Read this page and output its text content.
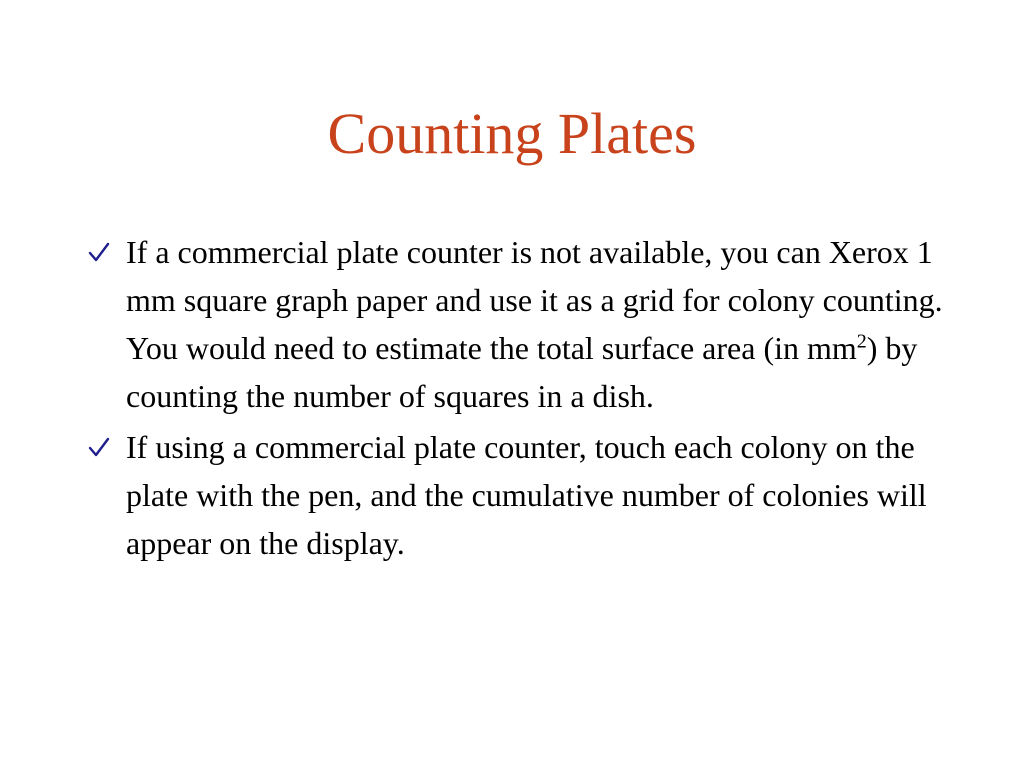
Counting Plates
If a commercial plate counter is not available, you can Xerox 1 mm square graph paper and use it as a grid for colony counting. You would need to estimate the total surface area (in $mm^2$) by counting the number of squares in a dish.
If using a commercial plate counter, touch each colony on the plate with the pen, and the cumulative number of colonies will appear on the display.
